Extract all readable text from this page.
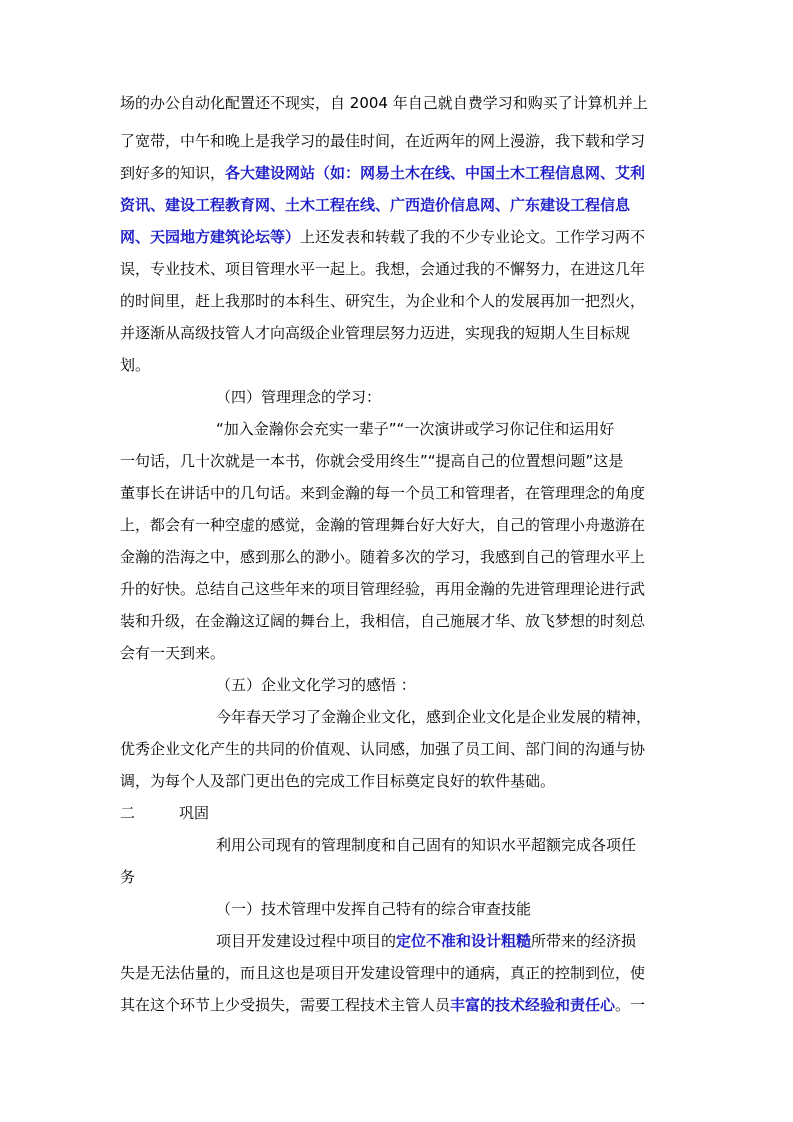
场的办公自动化配置还不现实，自 2004 年自己就自费学习和购买了计算机并上
了宽带，中午和晚上是我学习的最佳时间，在近两年的网上漫游，我下载和学习
到好多的知识，各大建设网站（如：网易土木在线、中国土木工程信息网、艾利
资讯、建设工程教育网、土木工程在线、广西造价信息网、广东建设工程信息
网、天园地方建筑论坛等）上还发表和转载了我的不少专业论文。工作学习两不
误，专业技术、项目管理水平一起上。我想，会通过我的不懈努力，在进这几年
的时间里，赶上我那时的本科生、研究生，为企业和个人的发展再加一把烈火，
并逐渐从高级技管人才向高级企业管理层努力迈进，实现我的短期人生目标规
划。
（四）管理理念的学习：
“加入金瀚你会充实一辈子”“一次演讲或学习你记住和运用好
一句话，几十次就是一本书，你就会受用终生”“提高自己的位置想问题”这是
董事长在讲话中的几句话。来到金瀚的每一个员工和管理者，在管理理念的角度
上，都会有一种空虚的感觉，金瀚的管理舞台好大好大，自己的管理小舟遨游在
金瀚的浩海之中，感到那么的渺小。随着多次的学习，我感到自己的管理水平上
升的好快。总结自己这些年来的项目管理经验，再用金瀚的先进管理理论进行武
装和升级，在金瀚这辽阔的舞台上，我相信，自己施展才华、放飞梦想的时刻总
会有一天到来。
（五）企业文化学习的感悟 ：
今年春天学习了金瀚企业文化，感到企业文化是企业发展的精神，
优秀企业文化产生的共同的价值观、认同感，加强了员工间、部门间的沟通与协
调，为每个人及部门更出色的完成工作目标奠定良好的软件基础。
二	巩固
利用公司现有的管理制度和自己固有的知识水平超额完成各项任
务
（一）技术管理中发挥自己特有的综合审查技能
项目开发建设过程中项目的定位不准和设计粗糙所带来的经济损
失是无法估量的，而且这也是项目开发建设管理中的通病，真正的控制到位，使
其在这个环节上少受损失，需要工程技术主管人员丰富的技术经验和责任心。一
